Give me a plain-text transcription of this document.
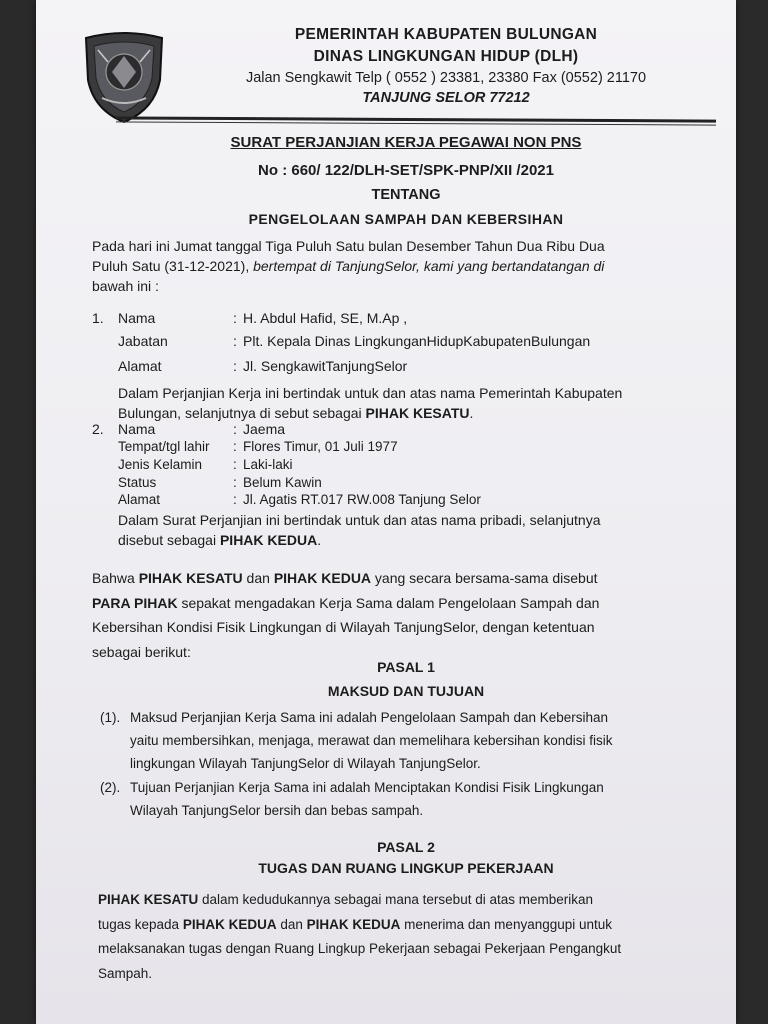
PEMERINTAH KABUPATEN BULUNGAN
DINAS LINGKUNGAN HIDUP (DLH)
Jalan Sengkawit Telp ( 0552 ) 23381, 23380 Fax (0552) 21170
TANJUNG SELOR 77212
SURAT PERJANJIAN KERJA PEGAWAI NON PNS
No : 660/ 122/DLH-SET/SPK-PNP/XII /2021
TENTANG
PENGELOLAAN SAMPAH DAN KEBERSIHAN
Pada hari ini Jumat tanggal Tiga Puluh Satu bulan Desember Tahun Dua Ribu Dua
Puluh Satu (31-12-2021), bertempat di TanjungSelor, kami yang bertandatangan di
bawah ini :
1. Nama	: H. Abdul Hafid, SE, M.Ap ,
Jabatan	: Plt. Kepala Dinas LingkunganHidupKabupatenBulungan
Alamat	: Jl. SengkawitTanjungSelor
Dalam Perjanjian Kerja ini bertindak untuk dan atas nama Pemerintah Kabupaten
Bulungan, selanjutnya di sebut sebagai PIHAK KESATU.
2. Nama	: Jaema
Tempat/tgl lahir : Flores Timur, 01 Juli 1977
Jenis Kelamin : Laki-laki
Status	: Belum Kawin
Alamat	: Jl. Agatis RT.017 RW.008 Tanjung Selor
Dalam Surat Perjanjian ini bertindak untuk dan atas nama pribadi, selanjutnya
disebut sebagai PIHAK KEDUA.
Bahwa PIHAK KESATU dan PIHAK KEDUA yang secara bersama-sama disebut
PARA PIHAK sepakat mengadakan Kerja Sama dalam Pengelolaan Sampah dan
Kebersihan Kondisi Fisik Lingkungan di Wilayah TanjungSelor, dengan ketentuan
sebagai berikut:
PASAL 1
MAKSUD DAN TUJUAN
(1). Maksud Perjanjian Kerja Sama ini adalah Pengelolaan Sampah dan Kebersihan
yaitu membersihkan, menjaga, merawat dan memelihara kebersihan kondisi fisik
lingkungan Wilayah TanjungSelor di Wilayah TanjungSelor.
(2). Tujuan Perjanjian Kerja Sama ini adalah Menciptakan Kondisi Fisik Lingkungan
Wilayah TanjungSelor bersih dan bebas sampah.
PASAL 2
TUGAS DAN RUANG LINGKUP PEKERJAAN
PIHAK KESATU dalam kedudukannya sebagai mana tersebut di atas memberikan
tugas kepada PIHAK KEDUA dan PIHAK KEDUA menerima dan menyanggupi untuk
melaksanakan tugas dengan Ruang Lingkup Pekerjaan sebagai Pekerjaan Pengangkut
Sampah.
